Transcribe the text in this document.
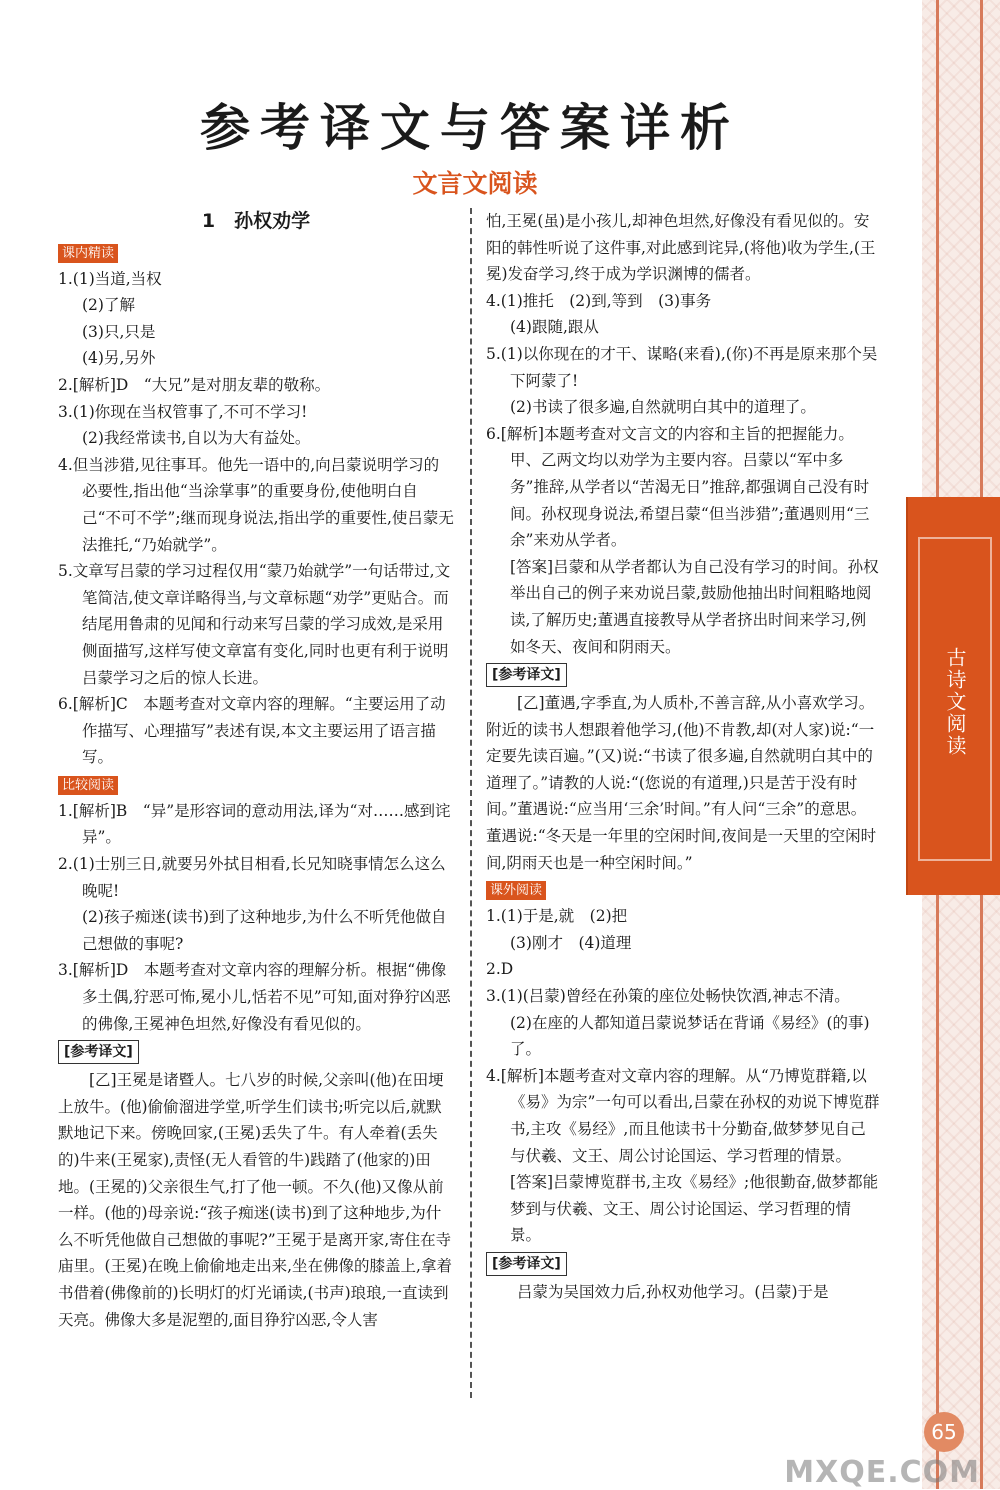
古诗文阅读
65
MXQE.COM
参考译文与答案详析
文言文阅读
1　孙权劝学
课内精读

1.(1)当道,当权

(2)了解

(3)只,只是

(4)另,另外

2.[解析]D　“大兄”是对朋友辈的敬称。

3.(1)你现在当权管事了,不可不学习!

(2)我经常读书,自以为大有益处。

4.但当涉猎,见往事耳。他先一语中的,向吕蒙说明学习的必要性,指出他“当涂掌事”的重要身份,使他明白自己“不可不学”;继而现身说法,指出学的重要性,使吕蒙无法推托,“乃始就学”。

5.文章写吕蒙的学习过程仅用“蒙乃始就学”一句话带过,文笔简洁,使文章详略得当,与文章标题“劝学”更贴合。而结尾用鲁肃的见闻和行动来写吕蒙的学习成效,是采用侧面描写,这样写使文章富有变化,同时也更有利于说明吕蒙学习之后的惊人长进。

6.[解析]C　本题考查对文章内容的理解。“主要运用了动作描写、心理描写”表述有误,本文主要运用了语言描写。

比较阅读

1.[解析]B　“异”是形容词的意动用法,译为“对……感到诧异”。

2.(1)士别三日,就要另外拭目相看,长兄知晓事情怎么这么晚呢!

(2)孩子痴迷(读书)到了这种地步,为什么不听凭他做自己想做的事呢?

3.[解析]D　本题考查对文章内容的理解分析。根据“佛像多土偶,狞恶可怖,冕小儿,恬若不见”可知,面对狰狞凶恶的佛像,王冕神色坦然,好像没有看见似的。

[参考译文]

[乙]王冕是诸暨人。七八岁的时候,父亲叫(他)在田埂上放牛。(他)偷偷溜进学堂,听学生们读书;听完以后,就默默地记下来。傍晚回家,(王冕)丢失了牛。有人牵着(丢失的)牛来(王冕家),责怪(无人看管的牛)践踏了(他家的)田地。(王冕的)父亲很生气,打了他一顿。不久(他)又像从前一样。(他的)母亲说:“孩子痴迷(读书)到了这种地步,为什么不听凭他做自己想做的事呢?”王冕于是离开家,寄住在寺庙里。(王冕)在晚上偷偷地走出来,坐在佛像的膝盖上,拿着书借着(佛像前的)长明灯的灯光诵读,(书声)琅琅,一直读到天亮。佛像大多是泥塑的,面目狰狞凶恶,令人害

怕,王冕(虽)是小孩儿,却神色坦然,好像没有看见似的。安阳的韩性听说了这件事,对此感到诧异,(将他)收为学生,(王冕)发奋学习,终于成为学识渊博的儒者。

4.(1)推托　(2)到,等到　(3)事务

(4)跟随,跟从

5.(1)以你现在的才干、谋略(来看),(你)不再是原来那个吴下阿蒙了!

(2)书读了很多遍,自然就明白其中的道理了。

6.[解析]本题考查对文言文的内容和主旨的把握能力。甲、乙两文均以劝学为主要内容。吕蒙以“军中多务”推辞,从学者以“苦渴无日”推辞,都强调自己没有时间。孙权现身说法,希望吕蒙“但当涉猎”;董遇则用“三余”来劝从学者。

[答案]吕蒙和从学者都认为自己没有学习的时间。孙权举出自己的例子来劝说吕蒙,鼓励他抽出时间粗略地阅读,了解历史;董遇直接教导从学者挤出时间来学习,例如冬天、夜间和阴雨天。

[参考译文]

[乙]董遇,字季直,为人质朴,不善言辞,从小喜欢学习。附近的读书人想跟着他学习,(他)不肯教,却(对人家)说:“一定要先读百遍。”(又)说:“书读了很多遍,自然就明白其中的道理了。”请教的人说:“(您说的有道理,)只是苦于没有时间。”董遇说:“应当用‘三余’时间。”有人问“三余”的意思。董遇说:“冬天是一年里的空闲时间,夜间是一天里的空闲时间,阴雨天也是一种空闲时间。”

课外阅读

1.(1)于是,就　(2)把

(3)刚才　(4)道理

2.D

3.(1)(吕蒙)曾经在孙策的座位处畅快饮酒,神志不清。

(2)在座的人都知道吕蒙说梦话在背诵《易经》(的事)了。

4.[解析]本题考查对文章内容的理解。从“乃博览群籍,以《易》为宗”一句可以看出,吕蒙在孙权的劝说下博览群书,主攻《易经》,而且他读书十分勤奋,做梦梦见自己与伏羲、文王、周公讨论国运、学习哲理的情景。

[答案]吕蒙博览群书,主攻《易经》;他很勤奋,做梦都能梦到与伏羲、文王、周公讨论国运、学习哲理的情景。

[参考译文]

吕蒙为吴国效力后,孙权劝他学习。(吕蒙)于是
